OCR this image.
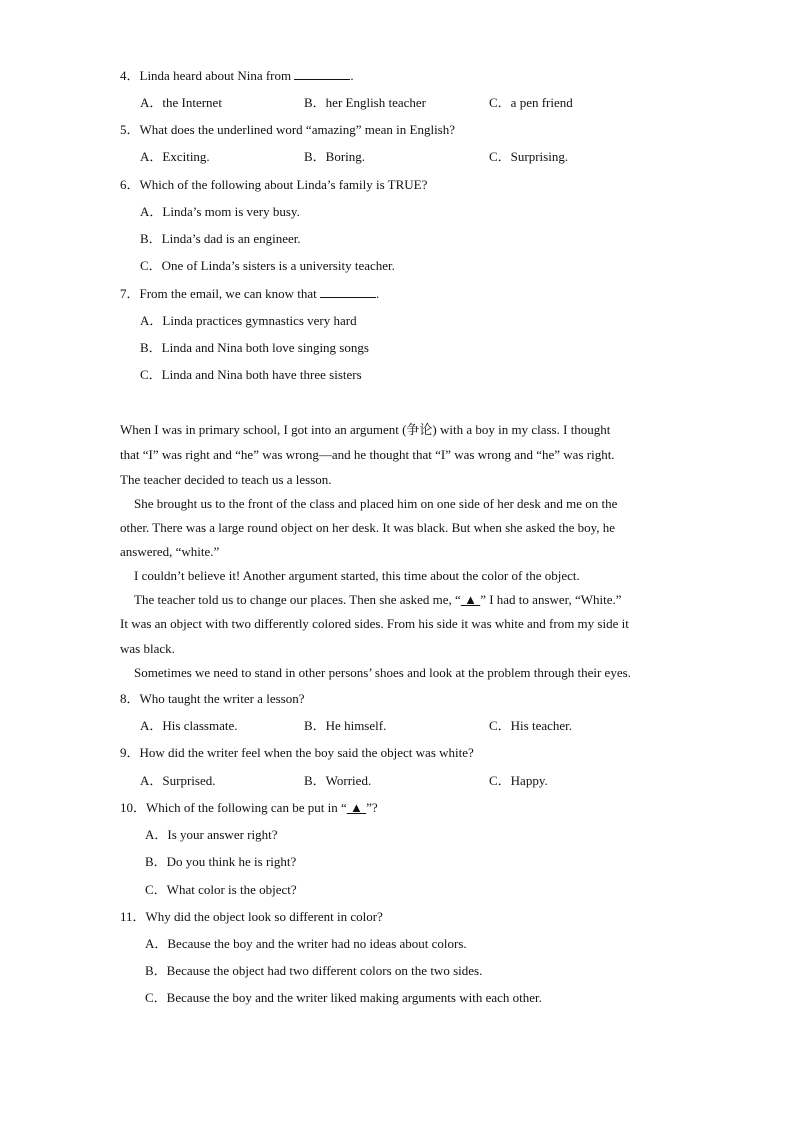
4．Linda heard about Nina from	.
A．the Internet	B．her English teacher	C．a pen friend
5．What does the underlined word “amazing” mean in English?
A．Exciting.	B．Boring.	C．Surprising.
6．Which of the following about Linda’s family is TRUE?
A．Linda’s mom is very busy.
B．Linda’s dad is an engineer.
C．One of Linda’s sisters is a university teacher.
7．From the email, we can know that	.
A．Linda practices gymnastics very hard
B．Linda and Nina both love singing songs
C．Linda and Nina both have three sisters
When I was in primary school, I got into an argument (争论) with a boy in my class. I thought
that “I” was right and “he” was wrong—and he thought that “I” was wrong and “he” was right.
The teacher decided to teach us a lesson.
She brought us to the front of the class and placed him on one side of her desk and me on the
other. There was a large round object on her desk. It was black. But when she asked the boy, he
answered, “white.”
I couldn’t believe it! Another argument started, this time about the color of the object.
The teacher told us to change our places. Then she asked me, “ ▲ ” I had to answer, “White.”
It was an object with two differently colored sides. From his side it was white and from my side it
was black.
Sometimes we need to stand in other persons’ shoes and look at the problem through their eyes.
8．Who taught the writer a lesson?
A．His classmate.	B．He himself.	C．His teacher.
9．How did the writer feel when the boy said the object was white?
A．Surprised.	B．Worried.	C．Happy.
10．Which of the following can be put in “ ▲ ”?
A．Is your answer right?
B．Do you think he is right?
C．What color is the object?
11．Why did the object look so different in color?
A．Because the boy and the writer had no ideas about colors.
B．Because the object had two different colors on the two sides.
C．Because the boy and the writer liked making arguments with each other.
